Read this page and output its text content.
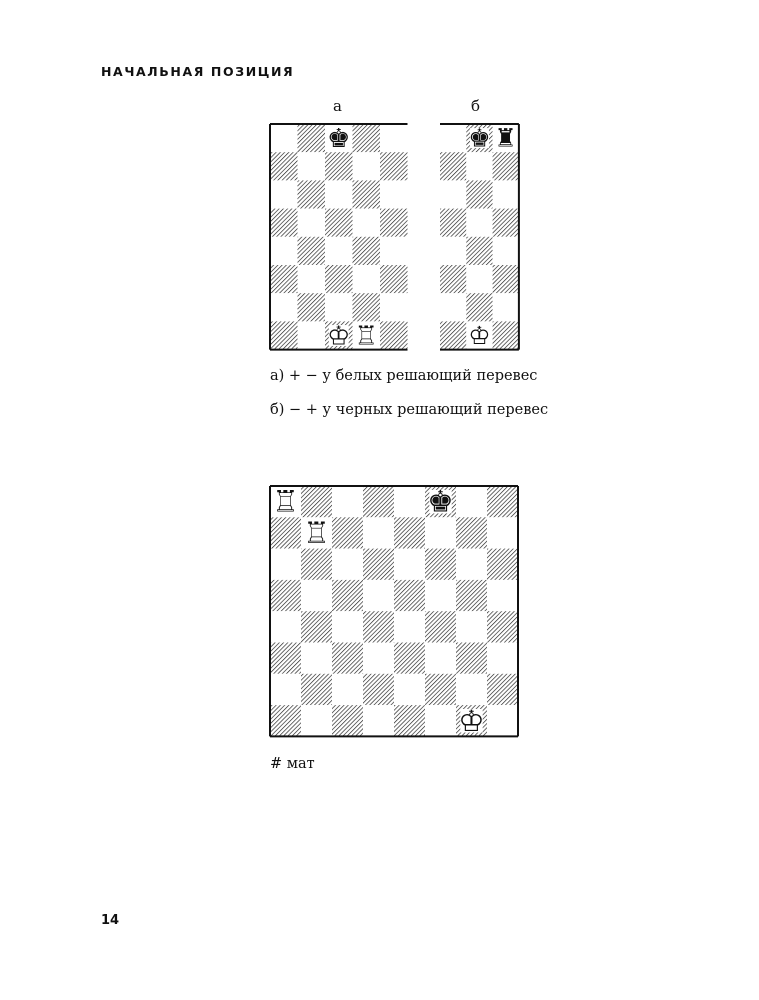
НАЧАЛЬНАЯ ПОЗИЦИЯ
а	б
♚
♔ ♖
♚ ♜
♔
а) + − у белых решающий перевес
б) − + у черных решающий перевес
♖
♖
♚
♔
# мат
14
